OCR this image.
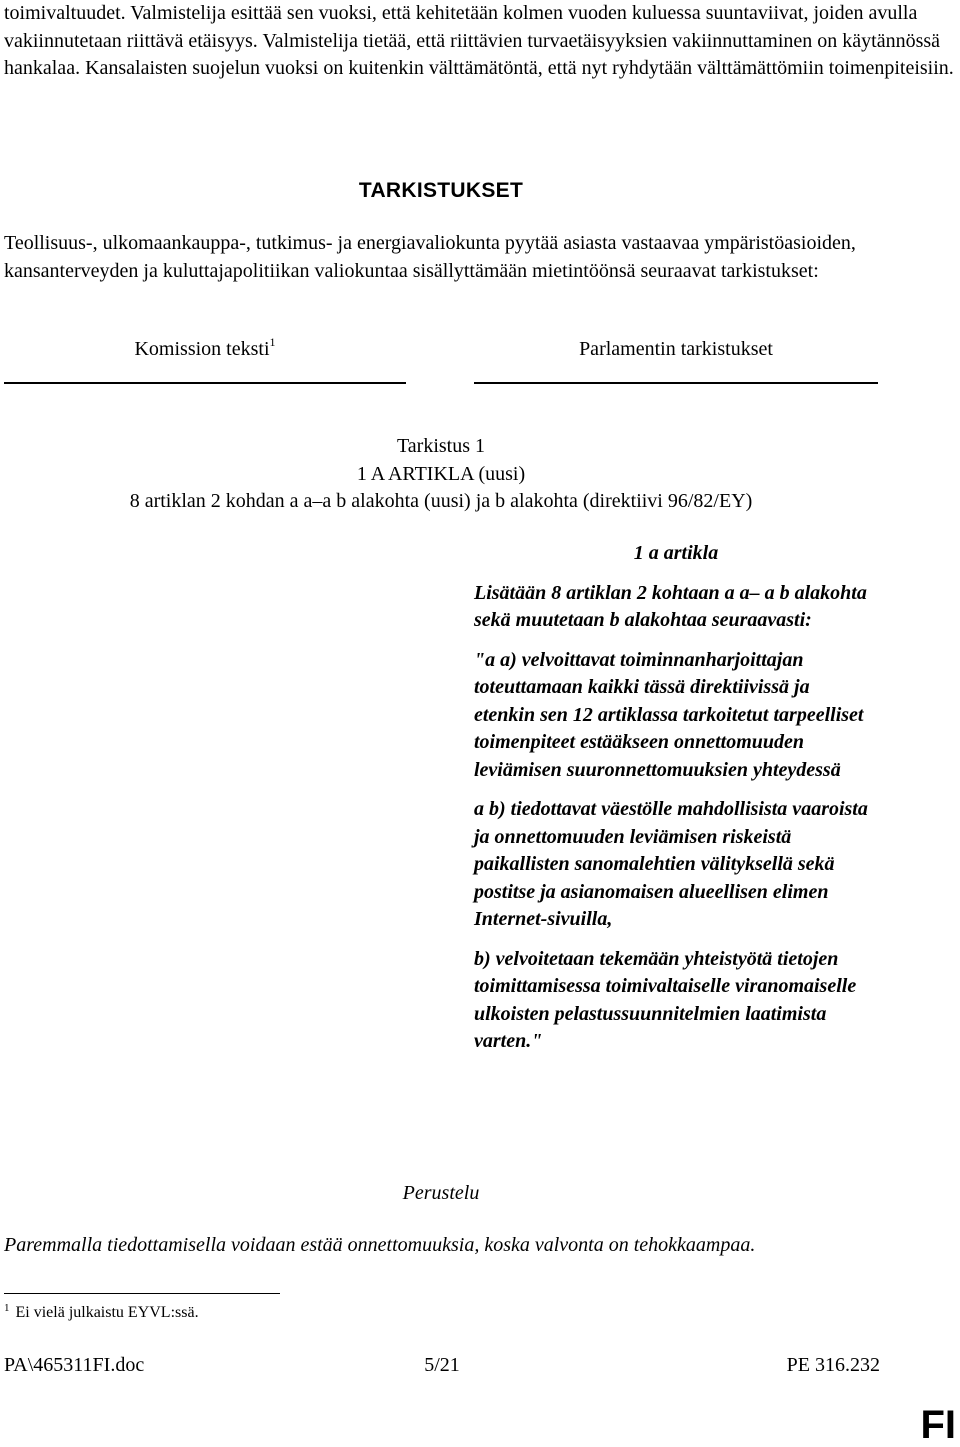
toimivaltuudet. Valmistelija esittää sen vuoksi, että kehitetään kolmen vuoden kuluessa suuntaviivat, joiden avulla vakiinnutetaan riittävä etäisyys. Valmistelija tietää, että riittävien turvaetäisyyksien vakiinnuttaminen on käytännössä hankalaa. Kansalaisten suojelun vuoksi on kuitenkin välttämätöntä, että nyt ryhdytään välttämättömiin toimenpiteisiin.
TARKISTUKSET
Teollisuus-, ulkomaankauppa-, tutkimus- ja energiavaliokunta pyytää asiasta vastaavaa ympäristöasioiden, kansanterveyden ja kuluttajapolitiikan valiokuntaa sisällyttämään mietintöönsä seuraavat tarkistukset:
Komission teksti$^1$	Parlamentin tarkistukset
Tarkistus 1
1 A ARTIKLA (uusi)
8 artiklan 2 kohdan a a–a b alakohta (uusi) ja b alakohta (direktiivi 96/82/EY)

1 a artikla

Lisätään 8 artiklan 2 kohtaan a a– a b alakohta sekä muutetaan b alakohtaa seuraavasti:

"a a) velvoittavat toiminnanharjoittajan toteuttamaan kaikki tässä direktiivissä ja etenkin sen 12 artiklassa tarkoitetut tarpeelliset toimenpiteet estääkseen onnettomuuden leviämisen suuronnettomuuksien yhteydessä

a b) tiedottavat väestölle mahdollisista vaaroista ja onnettomuuden leviämisen riskeistä paikallisten sanomalehtien välityksellä sekä postitse ja asianomaisen alueellisen elimen Internet-sivuilla,

b) velvoitetaan tekemään yhteistyötä tietojen toimittamisessa toimivaltaiselle viranomaiselle ulkoisten pelastussuunnitelmien laatimista varten."

Perustelu
Paremmalla tiedottamisella voidaan estää onnettomuuksia, koska valvonta on tehokkaampaa.
$^1$ Ei vielä julkaistu EYVL:ssä.
PA\465311FI.doc	5/21	PE 316.232
FI
